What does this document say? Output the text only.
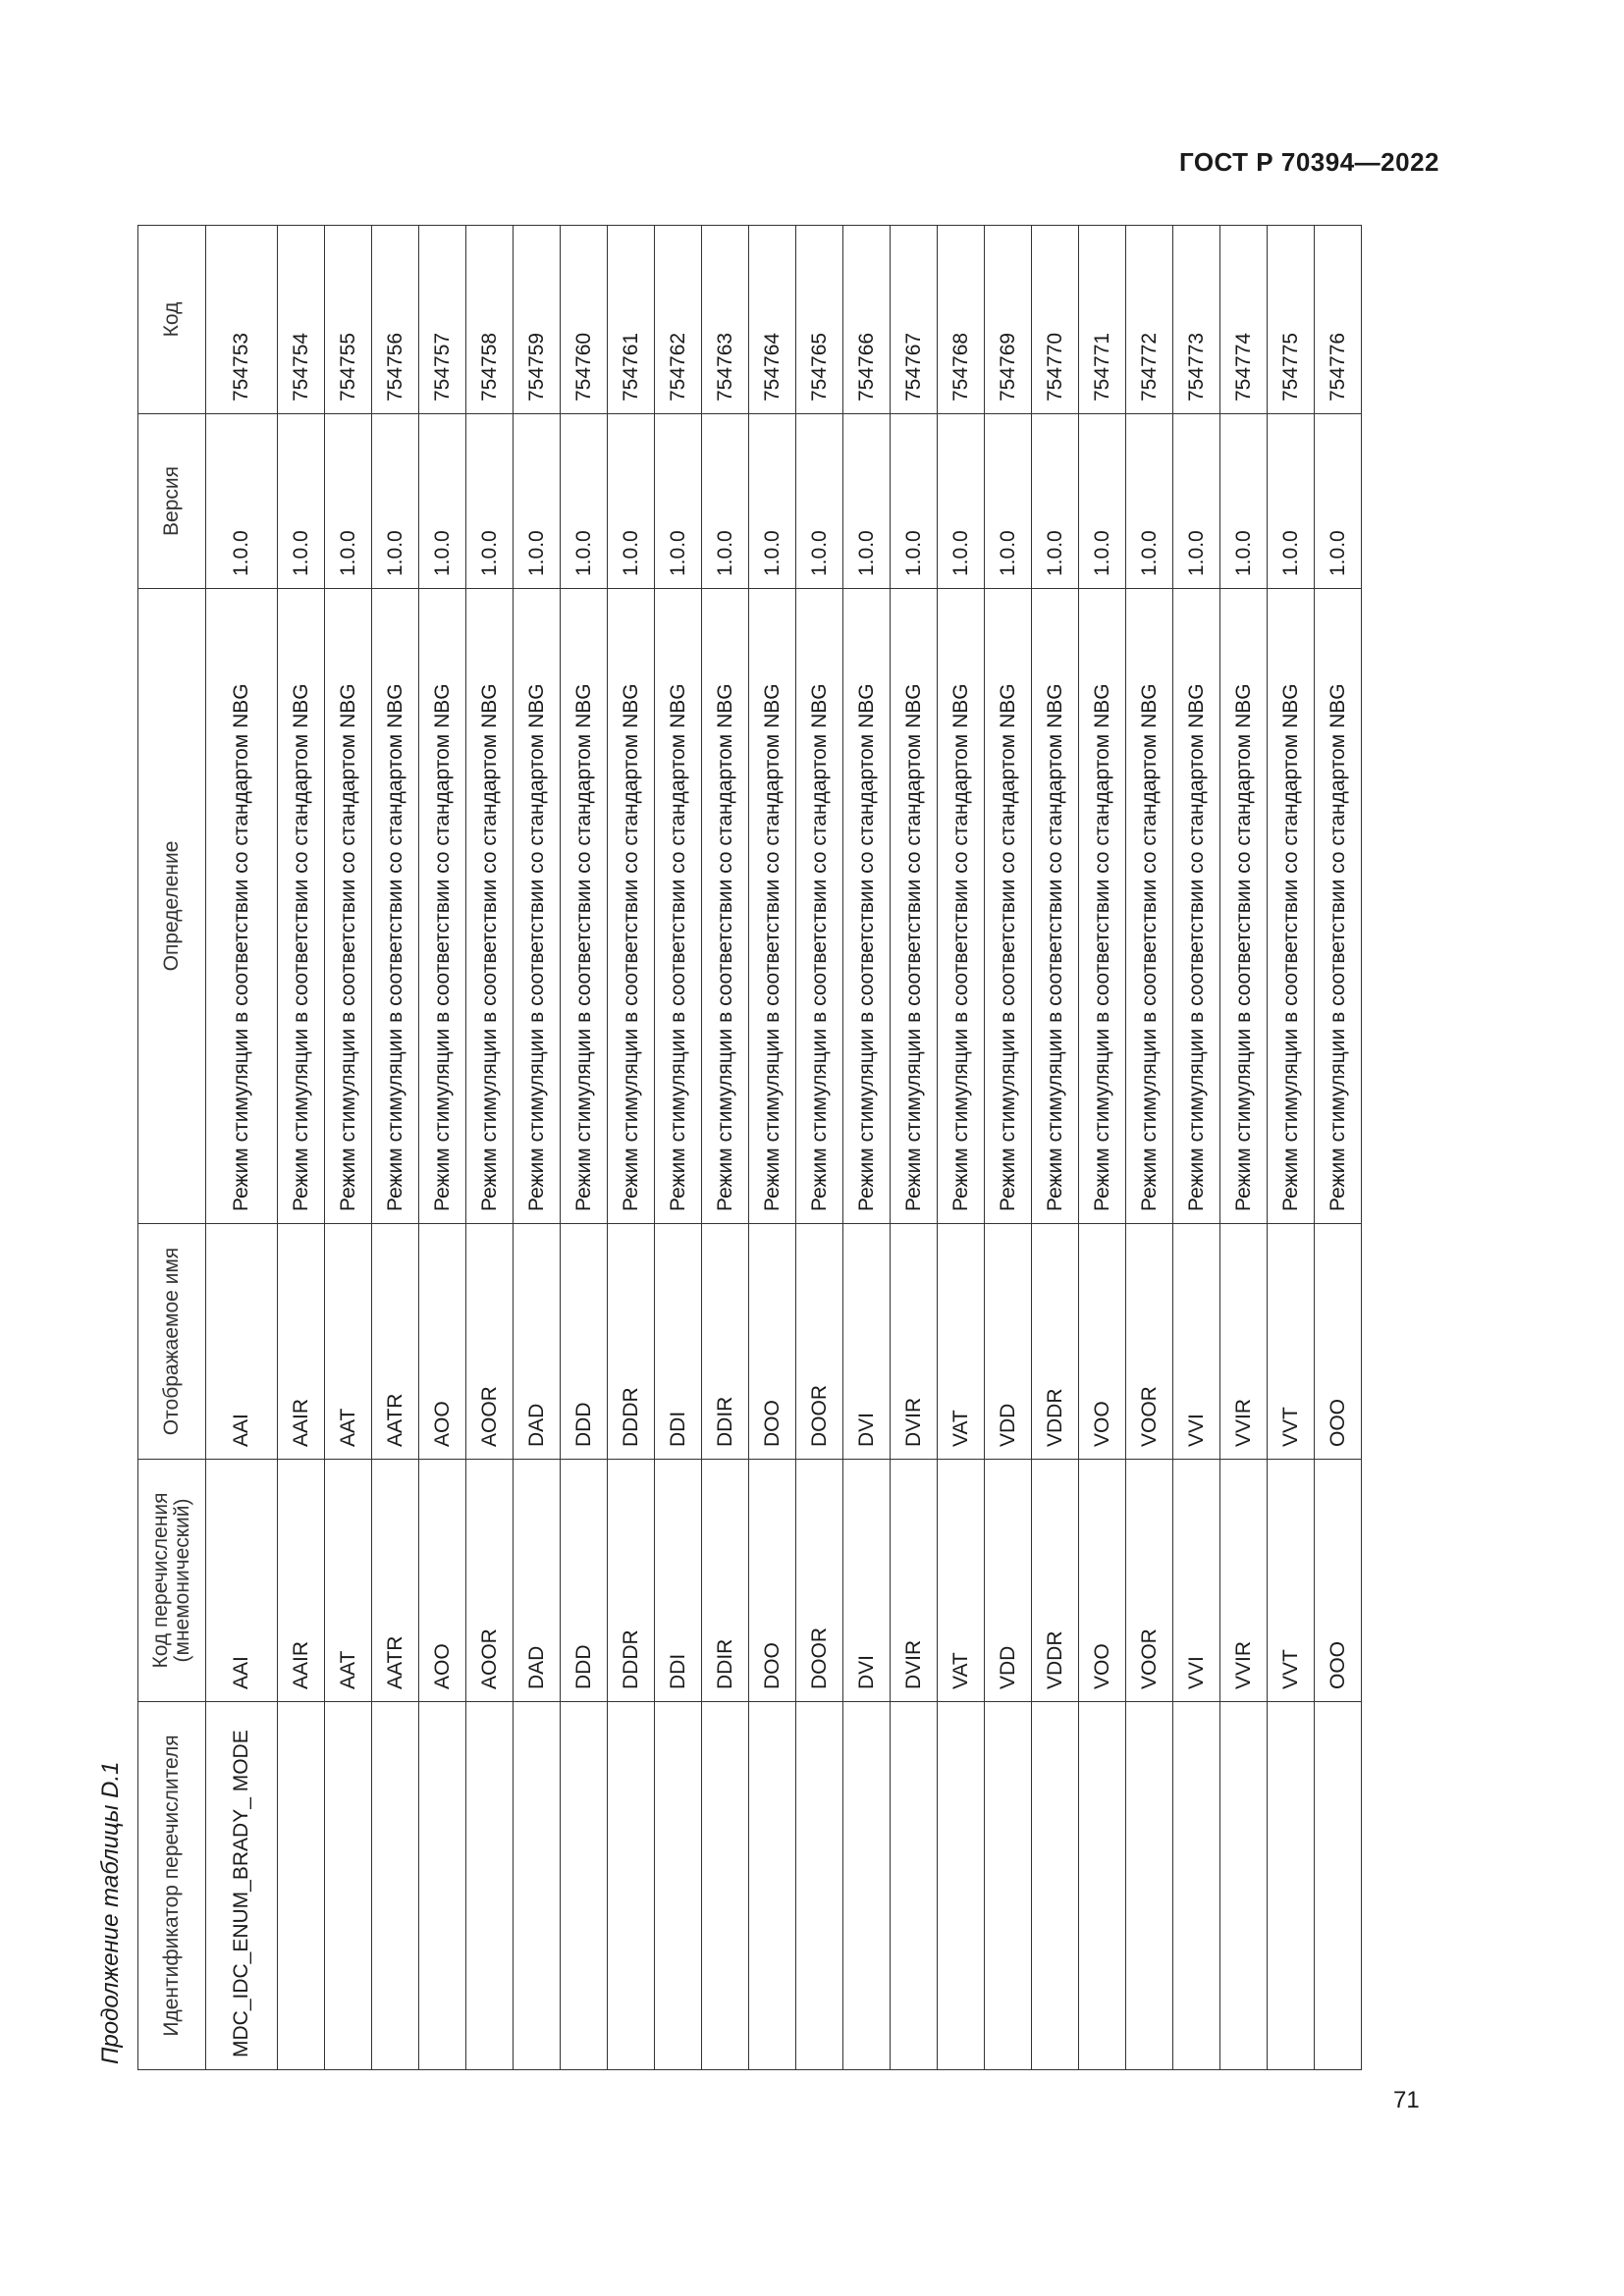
ГОСТ Р 70394—2022
Продолжение таблицы D.1	Идентификатор перечислителя	Код перечисления (мнемонический)	Отображаемое имя	Определение	Версия	Код
MDC_IDC_ENUM_BRADY_ MODE	AAI	AAI	Режим стимуляции в соответствии со стандартом NBG	1.0.0	754753
	AAIR	AAIR	Режим стимуляции в соответствии со стандартом NBG	1.0.0	754754
	AAT	AAT	Режим стимуляции в соответствии со стандартом NBG	1.0.0	754755
	AATR	AATR	Режим стимуляции в соответствии со стандартом NBG	1.0.0	754756
	AOO	AOO	Режим стимуляции в соответствии со стандартом NBG	1.0.0	754757
	AOOR	AOOR	Режим стимуляции в соответствии со стандартом NBG	1.0.0	754758
	DAD	DAD	Режим стимуляции в соответствии со стандартом NBG	1.0.0	754759
	DDD	DDD	Режим стимуляции в соответствии со стандартом NBG	1.0.0	754760
	DDDR	DDDR	Режим стимуляции в соответствии со стандартом NBG	1.0.0	754761
	DDI	DDI	Режим стимуляции в соответствии со стандартом NBG	1.0.0	754762
	DDIR	DDIR	Режим стимуляции в соответствии со стандартом NBG	1.0.0	754763
	DOO	DOO	Режим стимуляции в соответствии со стандартом NBG	1.0.0	754764
	DOOR	DOOR	Режим стимуляции в соответствии со стандартом NBG	1.0.0	754765
	DVI	DVI	Режим стимуляции в соответствии со стандартом NBG	1.0.0	754766
	DVIR	DVIR	Режим стимуляции в соответствии со стандартом NBG	1.0.0	754767
	VAT	VAT	Режим стимуляции в соответствии со стандартом NBG	1.0.0	754768
	VDD	VDD	Режим стимуляции в соответствии со стандартом NBG	1.0.0	754769
	VDDR	VDDR	Режим стимуляции в соответствии со стандартом NBG	1.0.0	754770
	VOO	VOO	Режим стимуляции в соответствии со стандартом NBG	1.0.0	754771
	VOOR	VOOR	Режим стимуляции в соответствии со стандартом NBG	1.0.0	754772
	VVI	VVI	Режим стимуляции в соответствии со стандартом NBG	1.0.0	754773
	VVIR	VVIR	Режим стимуляции в соответствии со стандартом NBG	1.0.0	754774
	VVT	VVT	Режим стимуляции в соответствии со стандартом NBG	1.0.0	754775
	OOO	OOO	Режим стимуляции в соответствии со стандартом NBG	1.0.0	754776
71
